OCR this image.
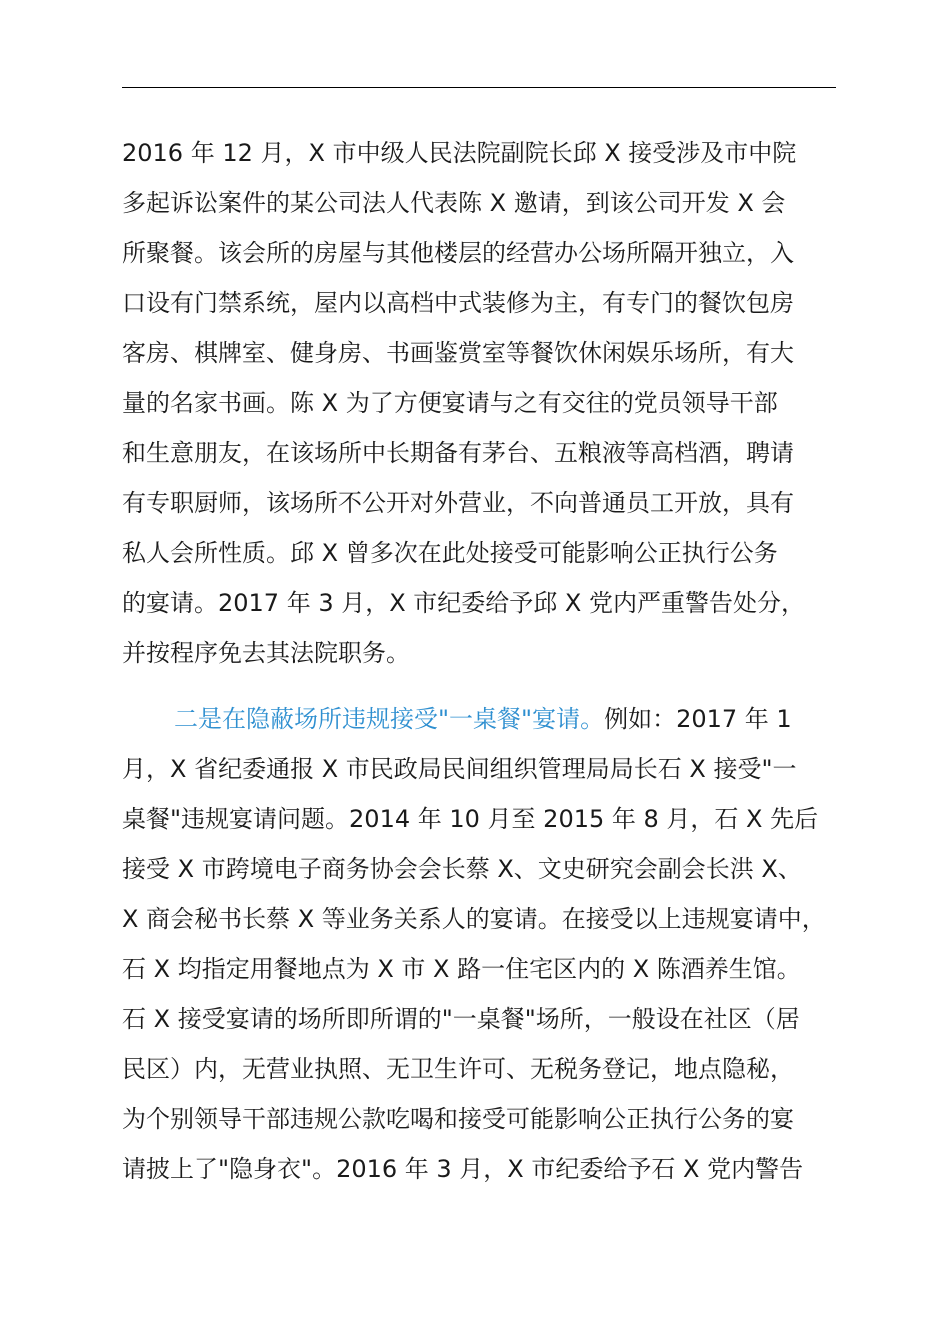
2016 年 12 月，X 市中级人民法院副院长邱 X 接受涉及市中院
多起诉讼案件的某公司法人代表陈 X 邀请，到该公司开发 X 会
所聚餐。该会所的房屋与其他楼层的经营办公场所隔开独立，入
口设有门禁系统，屋内以高档中式装修为主，有专门的餐饮包房
客房、棋牌室、健身房、书画鉴赏室等餐饮休闲娱乐场所，有大
量的名家书画。陈 X 为了方便宴请与之有交往的党员领导干部
和生意朋友，在该场所中长期备有茅台、五粮液等高档酒，聘请
有专职厨师，该场所不公开对外营业，不向普通员工开放，具有
私人会所性质。邱 X 曾多次在此处接受可能影响公正执行公务
的宴请。2017 年 3 月，X 市纪委给予邱 X 党内严重警告处分，
并按程序免去其法院职务。
二是在隐蔽场所违规接受"一桌餐"宴请。例如：2017 年 1
月，X 省纪委通报 X 市民政局民间组织管理局局长石 X 接受"一
桌餐"违规宴请问题。2014 年 10 月至 2015 年 8 月，石 X 先后
接受 X 市跨境电子商务协会会长蔡 X、文史研究会副会长洪 X、
X 商会秘书长蔡 X 等业务关系人的宴请。在接受以上违规宴请中，
石 X 均指定用餐地点为 X 市 X 路一住宅区内的 X 陈酒养生馆。
石 X 接受宴请的场所即所谓的"一桌餐"场所，一般设在社区（居
民区）内，无营业执照、无卫生许可、无税务登记，地点隐秘，
为个别领导干部违规公款吃喝和接受可能影响公正执行公务的宴
请披上了"隐身衣"。2016 年 3 月，X 市纪委给予石 X 党内警告
